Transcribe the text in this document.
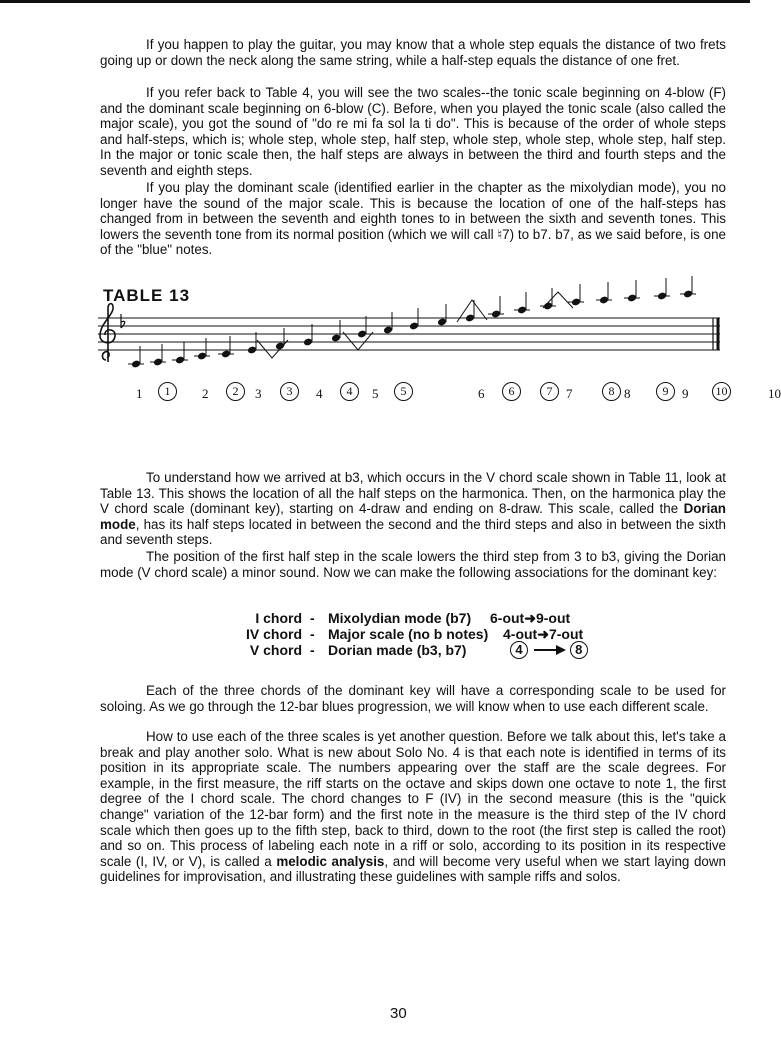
If you happen to play the guitar, you may know that a whole step equals the distance of two frets going up or down the neck along the same string, while a half-step equals the distance of one fret.

If you refer back to Table 4, you will see the two scales--the tonic scale beginning on 4-blow (F) and the dominant scale beginning on 6-blow (C). Before, when you played the tonic scale (also called the major scale), you got the sound of "do re mi fa sol la ti do". This is because of the order of whole steps and half-steps, which is; whole step, whole step, half step, whole step, whole step, whole step, half step. In the major or tonic scale then, the half steps are always in between the third and fourth steps and the seventh and eighth steps.

If you play the dominant scale (identified earlier in the chapter as the mixolydian mode), you no longer have the sound of the major scale. This is because the location of one of the half-steps has changed from in between the seventh and eighth tones to in between the sixth and seventh tones. This lowers the seventh tone from its normal position (which we will call ♮7) to b7. b7, as we said before, is one of the "blue" notes.

TABLE 13
1	1	2	2	3	3	4	4	5	5	6	6	7	7	8 8	9	9 10	10

To understand how we arrived at b3, which occurs in the V chord scale shown in Table 11, look at Table 13. This shows the location of all the half steps on the harmonica. Then, on the harmonica play the V chord scale (dominant key), starting on 4-draw and ending on 8-draw. This scale, called the Dorian mode, has its half steps located in between the second and the third steps and also in between the sixth and seventh steps.

The position of the first half step in the scale lowers the third step from 3 to b3, giving the Dorian mode (V chord scale) a minor sound. Now we can make the following associations for the dominant key:

I chord - Mixolydian mode (b7) 6-out➜9-out
IV chord - Major scale (no b notes) 4-out➜7-out
V chord - Dorian made (b3, b7)	4	8

Each of the three chords of the dominant key will have a corresponding scale to be used for soloing. As we go through the 12-bar blues progression, we will know when to use each different scale.

How to use each of the three scales is yet another question. Before we talk about this, let's take a break and play another solo. What is new about Solo No. 4 is that each note is identified in terms of its position in its appropriate scale. The numbers appearing over the staff are the scale degrees. For example, in the first measure, the riff starts on the octave and skips down one octave to note 1, the first degree of the I chord scale. The chord changes to F (IV) in the second measure (this is the "quick change" variation of the 12-bar form) and the first note in the measure is the third step of the IV chord scale which then goes up to the fifth step, back to third, down to the root (the first step is called the root) and so on. This process of labeling each note in a riff or solo, according to its position in its respective scale (I, IV, or V), is called a melodic analysis, and will become very useful when we start laying down guidelines for improvisation, and illustrating these guidelines with sample riffs and solos.

30
